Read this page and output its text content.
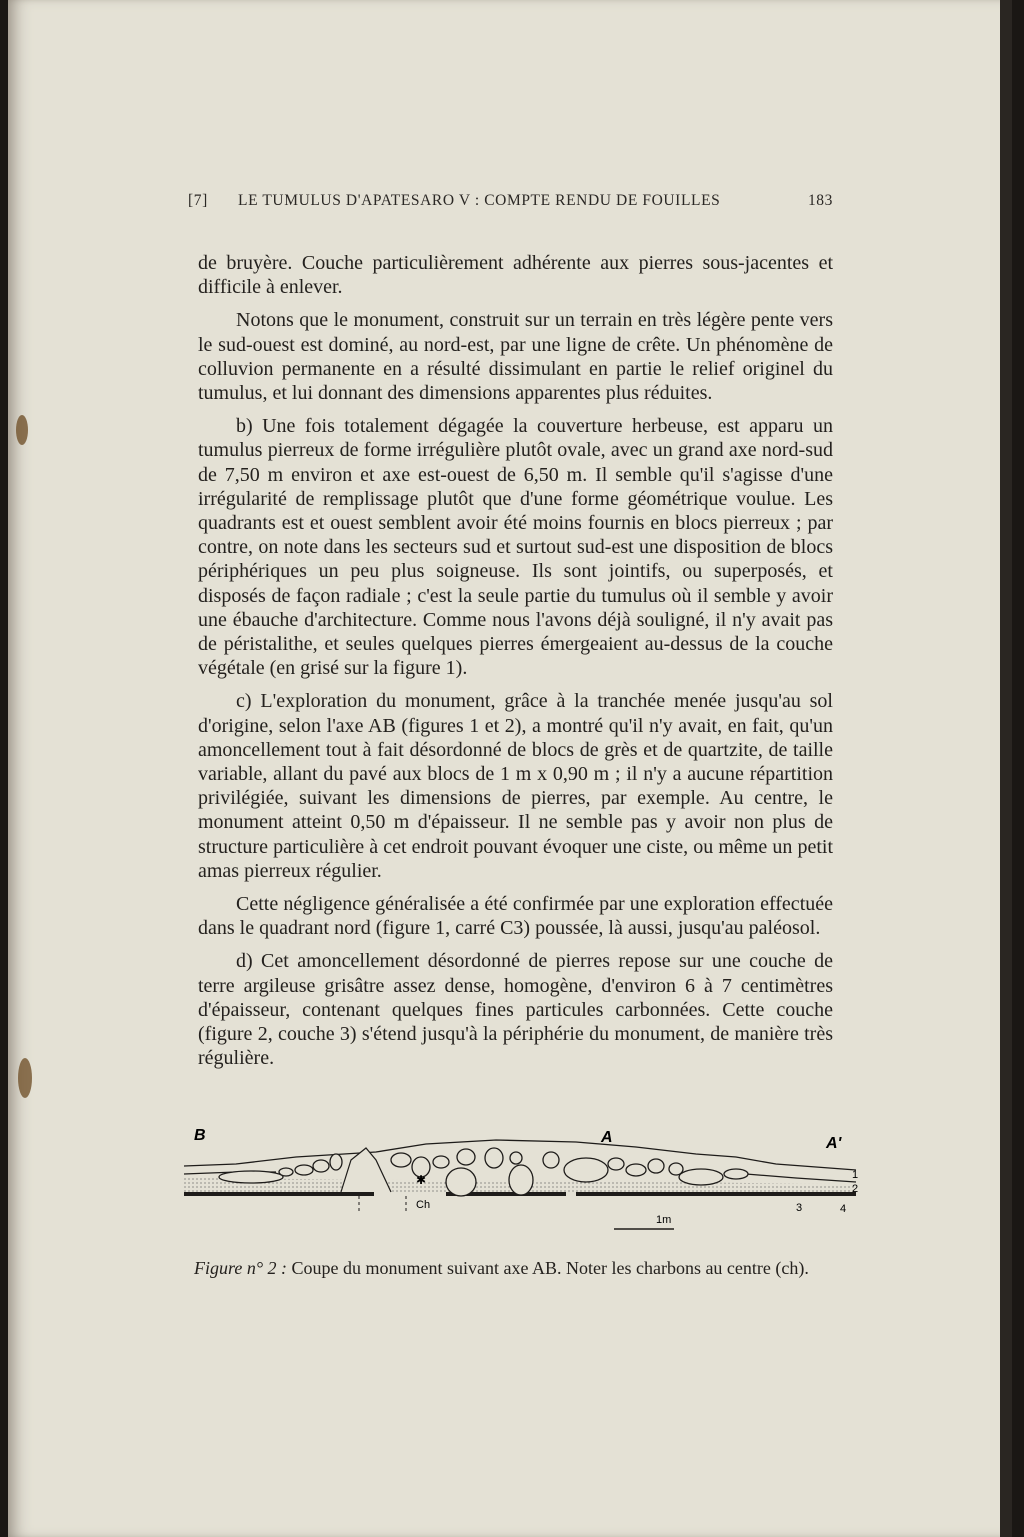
[7]	LE TUMULUS D'APATESARO V : COMPTE RENDU DE FOUILLES	183

de bruyère. Couche particulièrement adhérente aux pierres sous-jacentes et difficile à enlever.

Notons que le monument, construit sur un terrain en très légère pente vers le sud-ouest est dominé, au nord-est, par une ligne de crête. Un phénomène de colluvion permanente en a résulté dissimulant en partie le relief originel du tumulus, et lui donnant des dimensions apparentes plus réduites.

b) Une fois totalement dégagée la couverture herbeuse, est apparu un tumulus pierreux de forme irrégulière plutôt ovale, avec un grand axe nord-sud de 7,50 m environ et axe est-ouest de 6,50 m. Il semble qu'il s'agisse d'une irrégularité de remplissage plutôt que d'une forme géométrique voulue. Les quadrants est et ouest semblent avoir été moins fournis en blocs pierreux ; par contre, on note dans les secteurs sud et surtout sud-est une disposition de blocs périphériques un peu plus soigneuse. Ils sont jointifs, ou superposés, et disposés de façon radiale ; c'est la seule partie du tumulus où il semble y avoir une ébauche d'architecture. Comme nous l'avons déjà souligné, il n'y avait pas de péristalithe, et seules quelques pierres émergeaient au-dessus de la couche végétale (en grisé sur la figure 1).

c) L'exploration du monument, grâce à la tranchée menée jusqu'au sol d'origine, selon l'axe AB (figures 1 et 2), a montré qu'il n'y avait, en fait, qu'un amoncellement tout à fait désordonné de blocs de grès et de quartzite, de taille variable, allant du pavé aux blocs de 1 m x 0,90 m ; il n'y a aucune répartition privilégiée, suivant les dimensions de pierres, par exemple. Au centre, le monument atteint 0,50 m d'épaisseur. Il ne semble pas y avoir non plus de structure particulière à cet endroit pouvant évoquer une ciste, ou même un petit amas pierreux régulier.

Cette négligence généralisée a été confirmée par une exploration effectuée dans le quadrant nord (figure 1, carré C3) poussée, là aussi, jusqu'au paléosol.

d) Cet amoncellement désordonné de pierres repose sur une couche de terre argileuse grisâtre assez dense, homogène, d'environ 6 à 7 centimètres d'épaisseur, contenant quelques fines particules carbonnées. Cette couche (figure 2, couche 3) s'étend jusqu'à la périphérie du monument, de manière très régulière.

✱
B	A	A'
Ch
1m
1
2
3	4
Figure n° 2 : Coupe du monument suivant axe AB. Noter les charbons au centre (ch).
